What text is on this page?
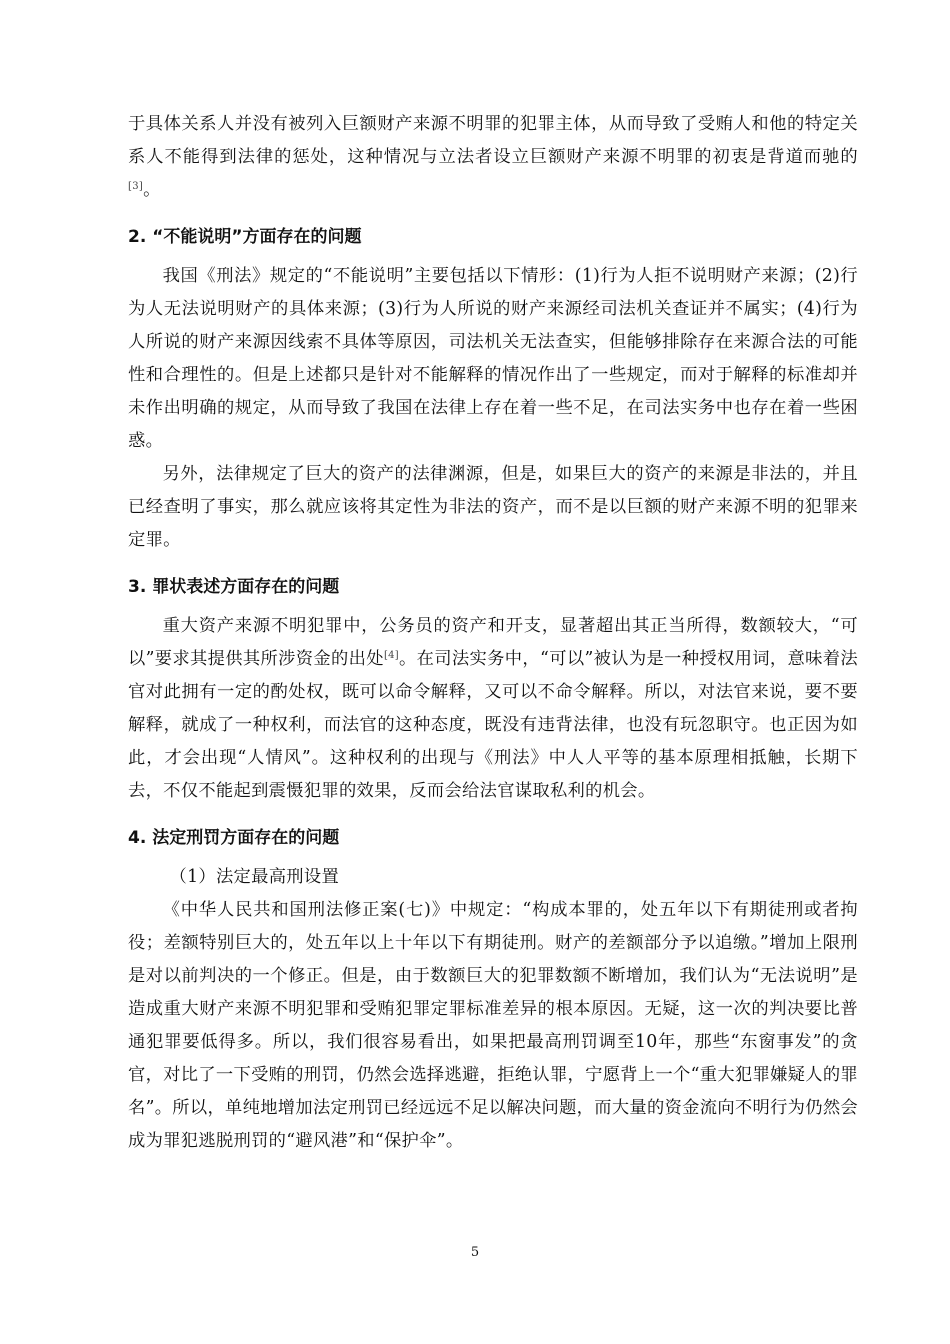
于具体关系人并没有被列入巨额财产来源不明罪的犯罪主体，从而导致了受贿人和他的特定关系人不能得到法律的惩处，这种情况与立法者设立巨额财产来源不明罪的初衷是背道而驰的[3]。

2. “不能说明”方面存在的问题

我国《刑法》规定的“不能说明”主要包括以下情形：(1)行为人拒不说明财产来源；(2)行为人无法说明财产的具体来源；(3)行为人所说的财产来源经司法机关查证并不属实；(4)行为人所说的财产来源因线索不具体等原因，司法机关无法查实，但能够排除存在来源合法的可能性和合理性的。但是上述都只是针对不能解释的情况作出了一些规定，而对于解释的标准却并未作出明确的规定，从而导致了我国在法律上存在着一些不足，在司法实务中也存在着一些困惑。

另外，法律规定了巨大的资产的法律渊源，但是，如果巨大的资产的来源是非法的，并且已经查明了事实，那么就应该将其定性为非法的资产，而不是以巨额的财产来源不明的犯罪来定罪。

3. 罪状表述方面存在的问题

重大资产来源不明犯罪中，公务员的资产和开支，显著超出其正当所得，数额较大，“可以”要求其提供其所涉资金的出处[4]。在司法实务中，“可以”被认为是一种授权用词，意味着法官对此拥有一定的酌处权，既可以命令解释，又可以不命令解释。所以，对法官来说，要不要解释，就成了一种权利，而法官的这种态度，既没有违背法律，也没有玩忽职守。也正因为如此，才会出现“人情风”。这种权利的出现与《刑法》中人人平等的基本原理相抵触，长期下去，不仅不能起到震慑犯罪的效果，反而会给法官谋取私利的机会。

4. 法定刑罚方面存在的问题

（1）法定最高刑设置

《中华人民共和国刑法修正案(七)》中规定：“构成本罪的，处五年以下有期徒刑或者拘役；差额特别巨大的，处五年以上十年以下有期徒刑。财产的差额部分予以追缴。”增加上限刑是对以前判决的一个修正。但是，由于数额巨大的犯罪数额不断增加，我们认为“无法说明”是造成重大财产来源不明犯罪和受贿犯罪定罪标准差异的根本原因。无疑，这一次的判决要比普通犯罪要低得多。所以，我们很容易看出，如果把最高刑罚调至10年，那些“东窗事发”的贪官，对比了一下受贿的刑罚，仍然会选择逃避，拒绝认罪，宁愿背上一个“重大犯罪嫌疑人的罪名”。所以，单纯地增加法定刑罚已经远远不足以解决问题，而大量的资金流向不明行为仍然会成为罪犯逃脱刑罚的“避风港”和“保护伞”。

5
